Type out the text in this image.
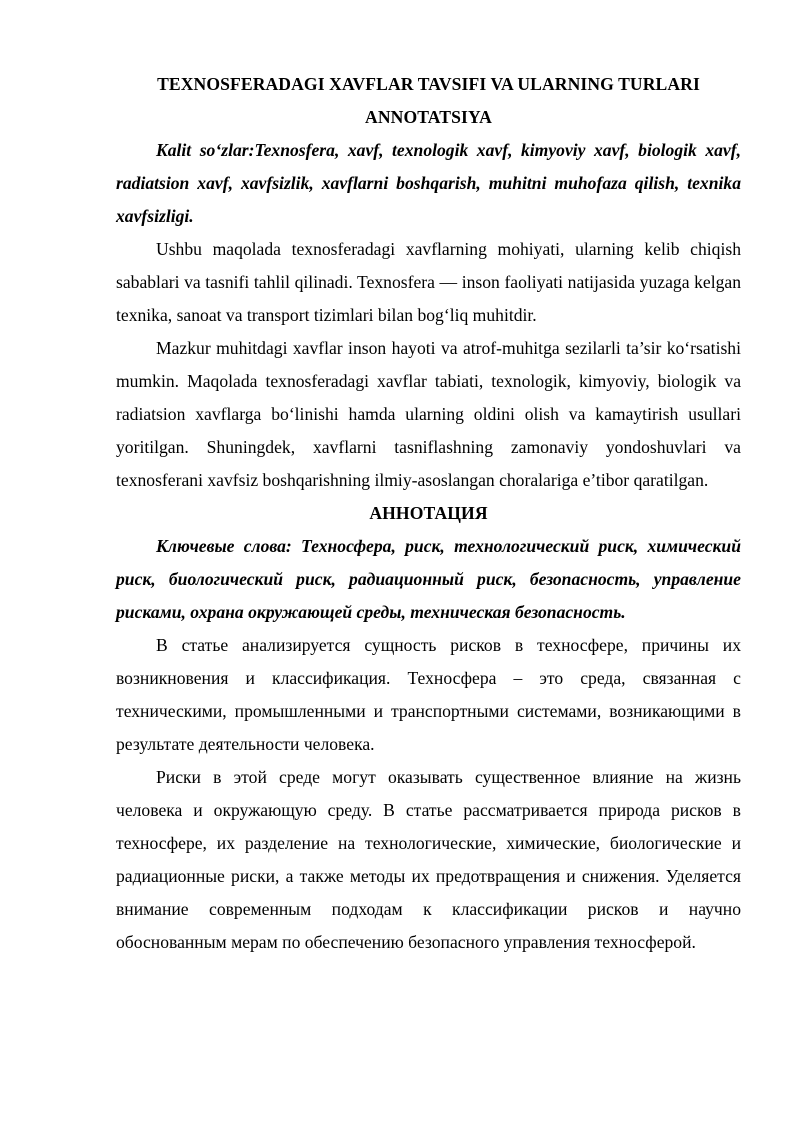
TEXNOSFERADAGI XAVFLAR TAVSIFI VA ULARNING TURLARI

ANNOTATSIYA

Kalit so‘zlar:Texnosfera, xavf, texnologik xavf, kimyoviy xavf, biologik xavf, radiatsion xavf, xavfsizlik, xavflarni boshqarish, muhitni muhofaza qilish, texnika xavfsizligi.

Ushbu maqolada texnosferadagi xavflarning mohiyati, ularning kelib chiqish sabablari va tasnifi tahlil qilinadi. Texnosfera — inson faoliyati natijasida yuzaga kelgan texnika, sanoat va transport tizimlari bilan bog‘liq muhitdir.

Mazkur muhitdagi xavflar inson hayoti va atrof-muhitga sezilarli ta’sir ko‘rsatishi mumkin. Maqolada texnosferadagi xavflar tabiati, texnologik, kimyoviy, biologik va radiatsion xavflarga bo‘linishi hamda ularning oldini olish va kamaytirish usullari yoritilgan. Shuningdek, xavflarni tasniflashning zamonaviy yondoshuvlari va texnosferani xavfsiz boshqarishning ilmiy-asoslangan choralariga e’tibor qaratilgan.

АННОТАЦИЯ

Ключевые слова: Техносфера, риск, технологический риск, химический риск, биологический риск, радиационный риск, безопасность, управление рисками, охрана окружающей среды, техническая безопасность.

В статье анализируется сущность рисков в техносфере, причины их возникновения и классификация. Техносфера – это среда, связанная с техническими, промышленными и транспортными системами, возникающими в результате деятельности человека.

Риски в этой среде могут оказывать существенное влияние на жизнь человека и окружающую среду. В статье рассматривается природа рисков в техносфере, их разделение на технологические, химические, биологические и радиационные риски, а также методы их предотвращения и снижения. Уделяется внимание современным подходам к классификации рисков и научно обоснованным мерам по обеспечению безопасного управления техносферой.
